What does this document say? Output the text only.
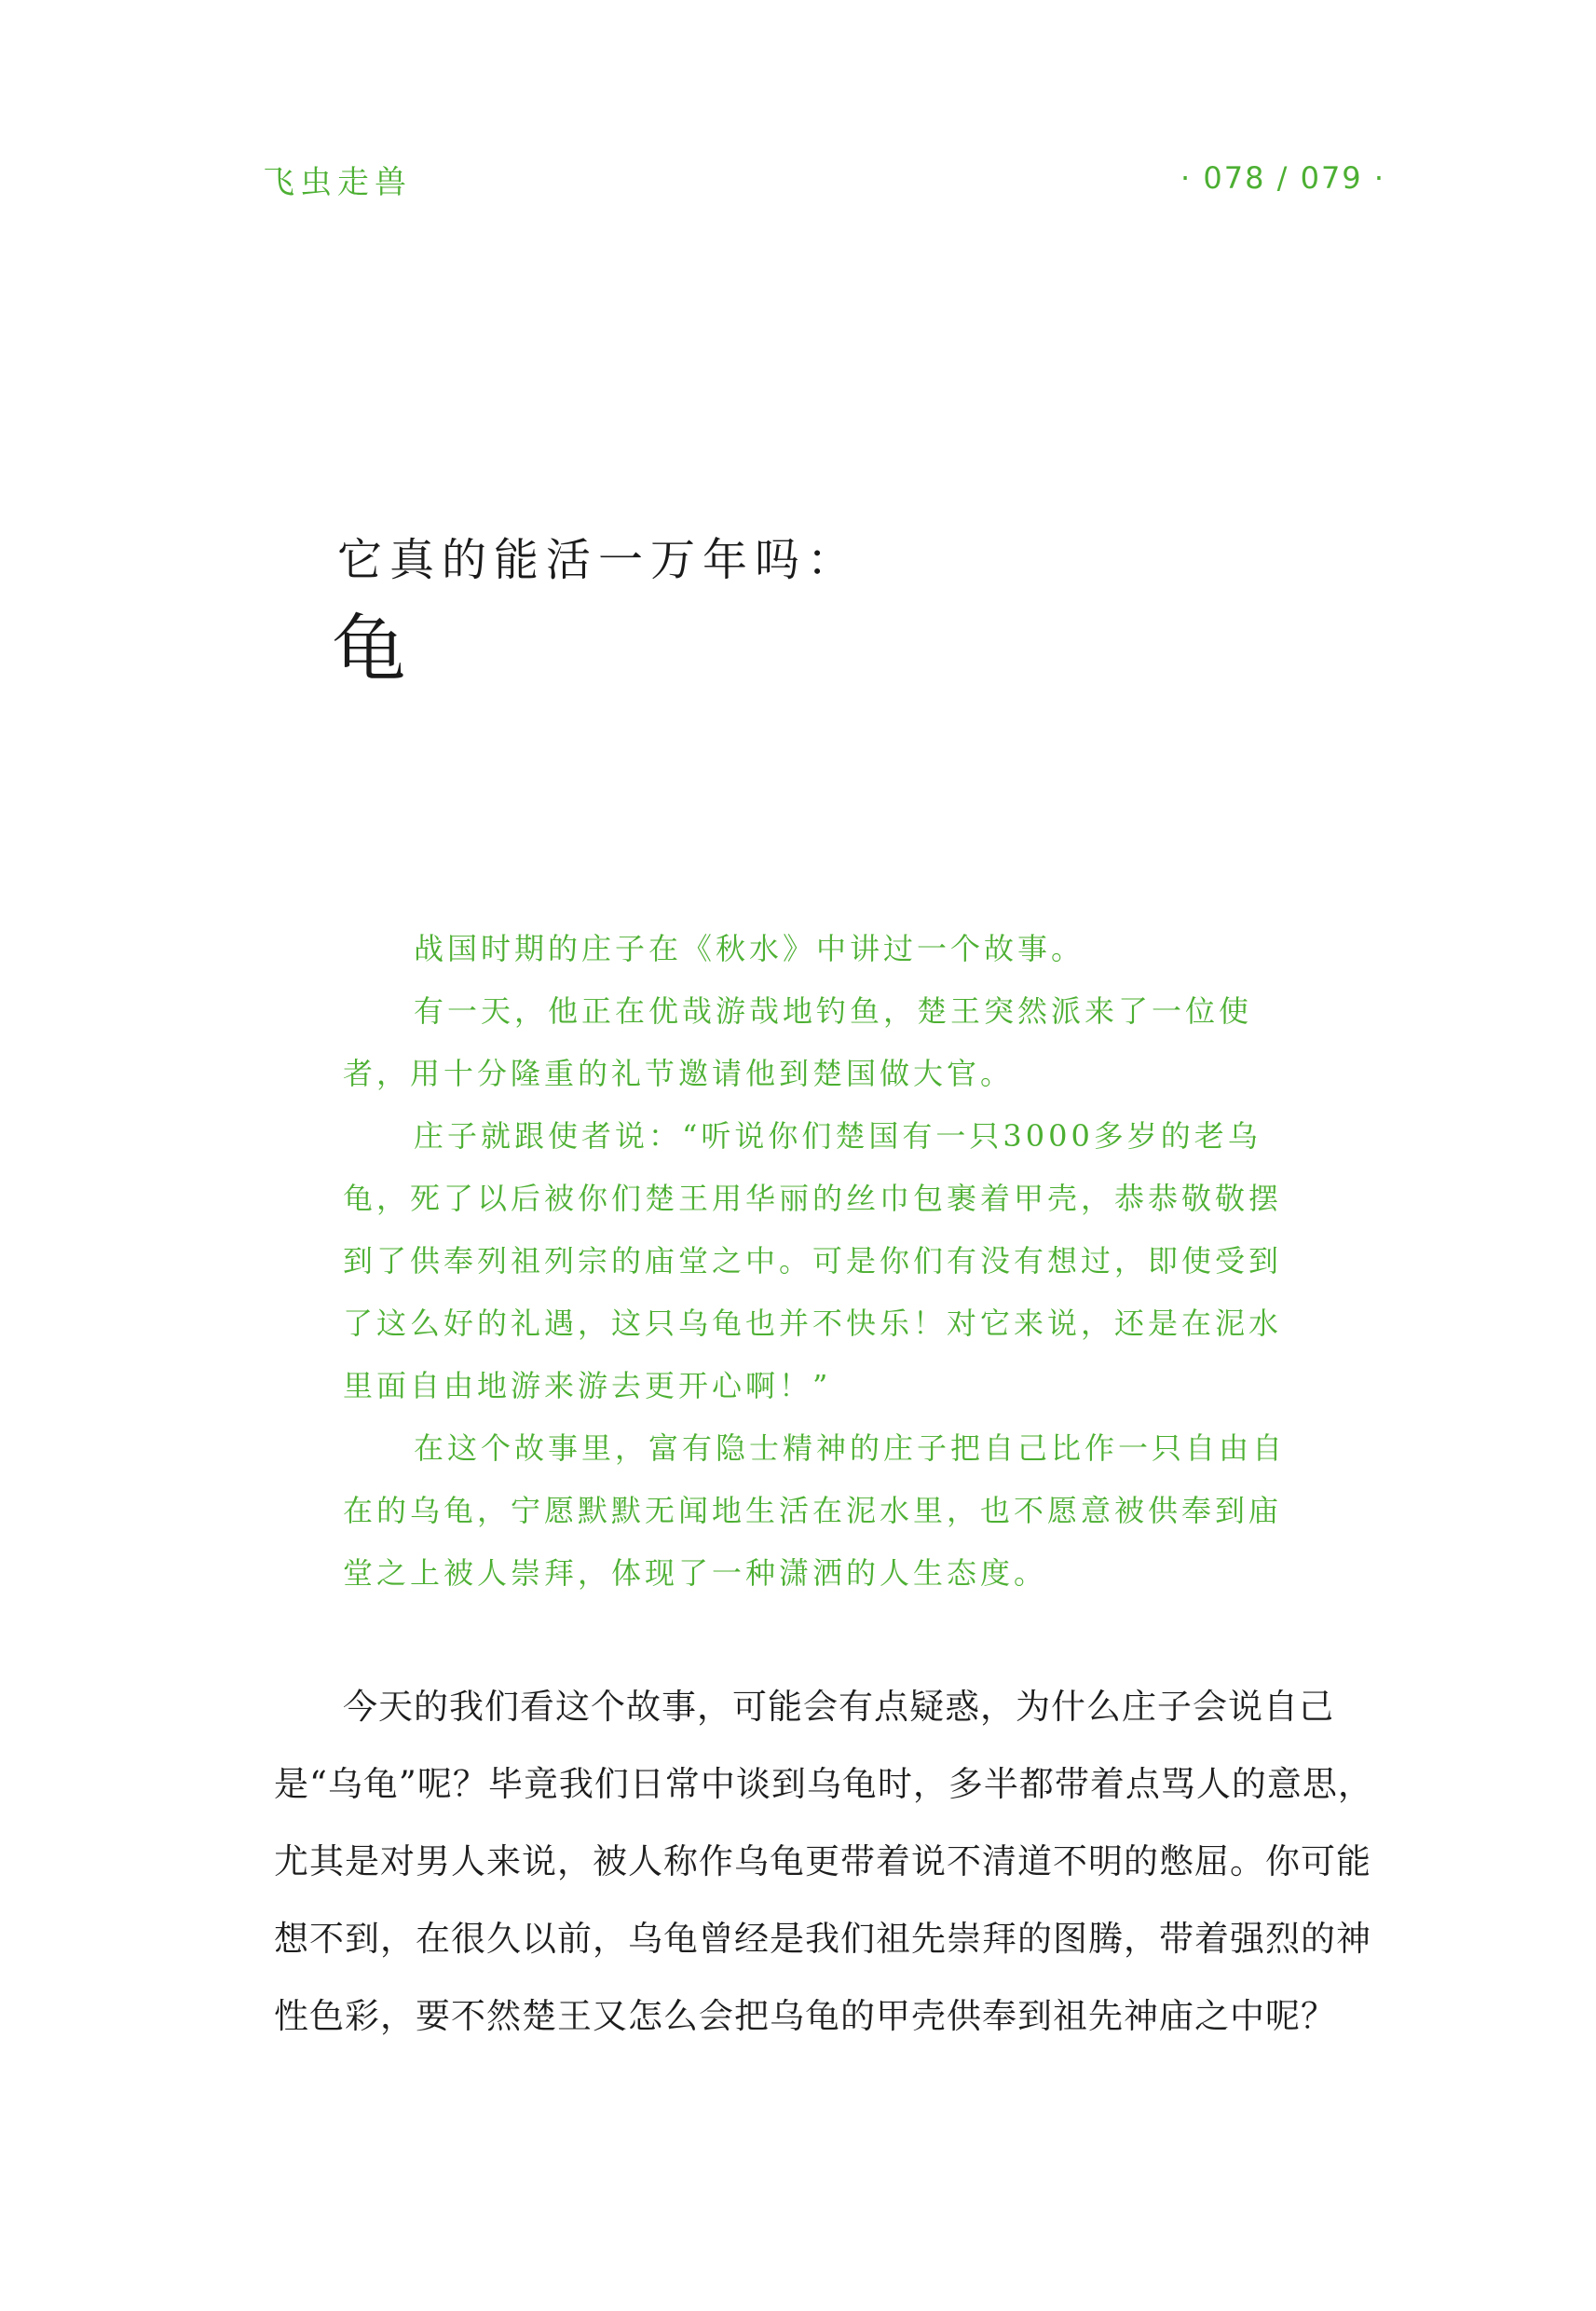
飞虫走兽	· 078 / 079 ·
它真的能活一万年吗：
龟

战国时期的庄子在《秋水》中讲过一个故事。

有一天，他正在优哉游哉地钓鱼，楚王突然派来了一位使者，用十分隆重的礼节邀请他到楚国做大官。

庄子就跟使者说：“听说你们楚国有一只3000多岁的老乌龟，死了以后被你们楚王用华丽的丝巾包裹着甲壳，恭恭敬敬摆到了供奉列祖列宗的庙堂之中。可是你们有没有想过，即使受到了这么好的礼遇，这只乌龟也并不快乐！对它来说，还是在泥水里面自由地游来游去更开心啊！”

在这个故事里，富有隐士精神的庄子把自己比作一只自由自在的乌龟，宁愿默默无闻地生活在泥水里，也不愿意被供奉到庙堂之上被人崇拜，体现了一种潇洒的人生态度。

今天的我们看这个故事，可能会有点疑惑，为什么庄子会说自己是“乌龟”呢？毕竟我们日常中谈到乌龟时，多半都带着点骂人的意思，尤其是对男人来说，被人称作乌龟更带着说不清道不明的憋屈。你可能想不到，在很久以前，乌龟曾经是我们祖先崇拜的图腾，带着强烈的神性色彩，要不然楚王又怎么会把乌龟的甲壳供奉到祖先神庙之中呢？
